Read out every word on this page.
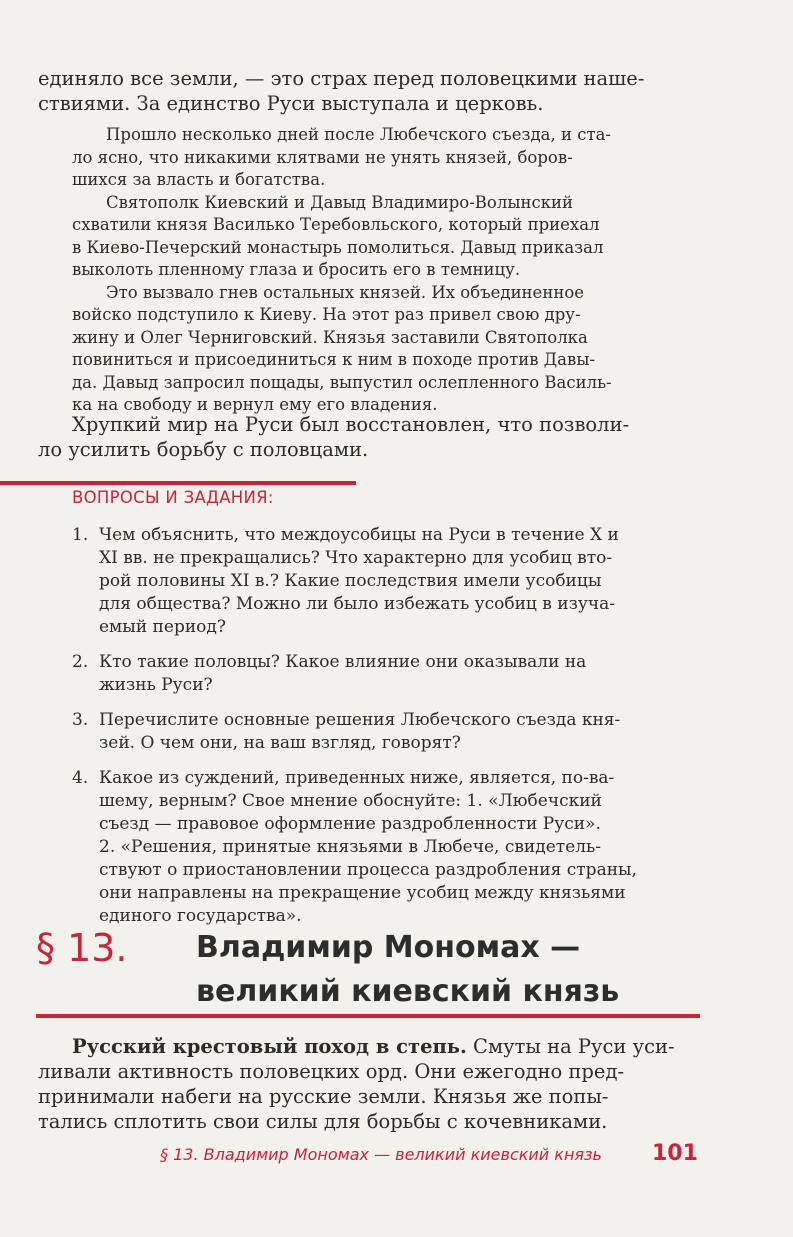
единяло все земли, — это страх перед половецкими наше-
ствиями. За единство Руси выступала и церковь.

Прошло несколько дней после Любечского съезда, и ста-
ло ясно, что никакими клятвами не унять князей, боров-
шихся за власть и богатства.

Святополк Киевский и Давыд Владимиро-Волынский
схватили князя Василько Теребовльского, который приехал
в Киево-Печерский монастырь помолиться. Давыд приказал
выколоть пленному глаза и бросить его в темницу.

Это вызвало гнев остальных князей. Их объединенное
войско подступило к Киеву. На этот раз привел свою дру-
жину и Олег Черниговский. Князья заставили Святополка
повиниться и присоединиться к ним в походе против Давы-
да. Давыд запросил пощады, выпустил ослепленного Василь-
ка на свободу и вернул ему его владения.

Хрупкий мир на Руси был восстановлен, что позволи-
ло усилить борьбу с половцами.

ВОПРОСЫ И ЗАДАНИЯ:
1. Чем объяснить, что междоусобицы на Руси в течение X и
XI вв. не прекращались? Что характерно для усобиц вто-
рой половины XI в.? Какие последствия имели усобицы
для общества? Можно ли было избежать усобиц в изуча-
емый период?
2. Кто такие половцы? Какое влияние они оказывали на
жизнь Руси?
3. Перечислите основные решения Любечского съезда кня-
зей. О чем они, на ваш взгляд, говорят?
4. Какое из суждений, приведенных ниже, является, по-ва-
шему, верным? Свое мнение обоснуйте: 1. «Любечский
съезд — правовое оформление раздробленности Руси».
2. «Решения, принятые князьями в Любече, свидетель-
ствуют о приостановлении процесса раздробления страны,
они направлены на прекращение усобиц между князьями
единого государства».
§ 13. Владимир Мономах —
великий киевский князь

Русский крестовый поход в степь. Смуты на Руси уси-
ливали активность половецких орд. Они ежегодно пред-
принимали набеги на русские земли. Князья же попы-
тались сплотить свои силы для борьбы с кочевниками.

§ 13. Владимир Мономах — великий киевский князь 101
